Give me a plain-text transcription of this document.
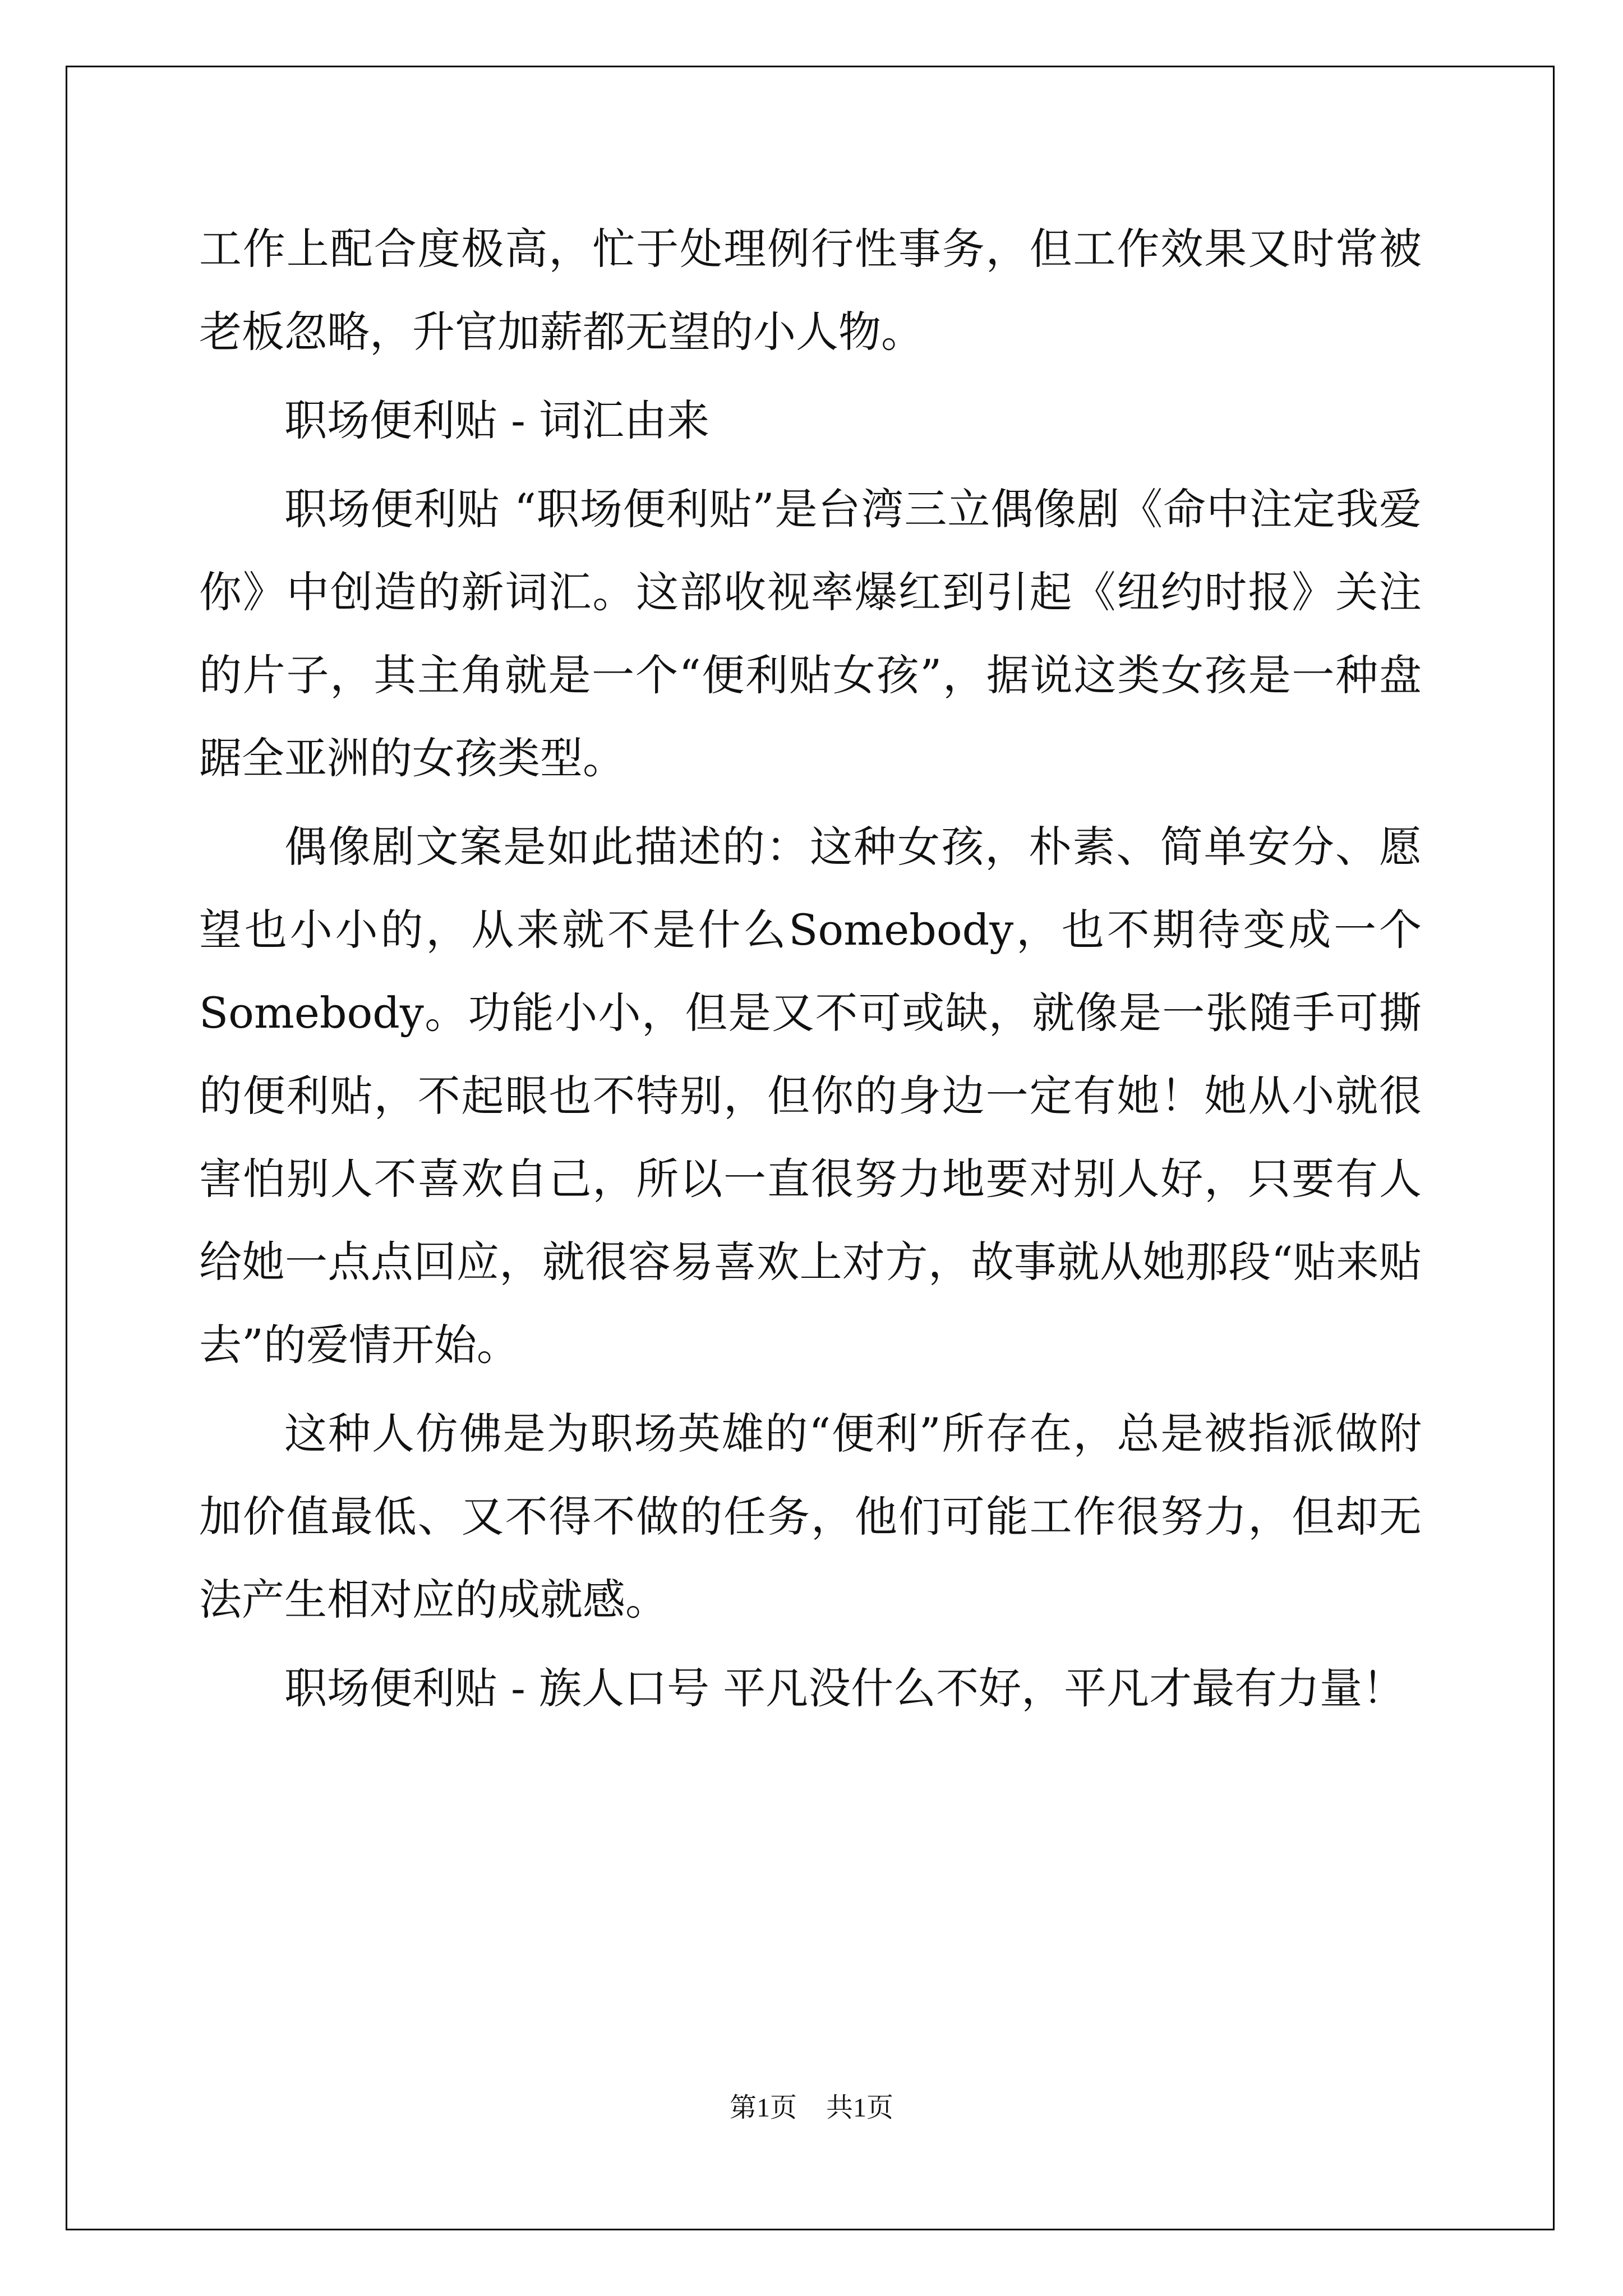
工作上配合度极高，忙于处理例行性事务，但工作效果又时常被老板忽略，升官加薪都无望的小人物。

职场便利贴 - 词汇由来

职场便利贴 “职场便利贴”是台湾三立偶像剧《命中注定我爱你》中创造的新词汇。这部收视率爆红到引起《纽约时报》关注的片子，其主角就是一个“便利贴女孩”，据说这类女孩是一种盘踞全亚洲的女孩类型。

偶像剧文案是如此描述的：这种女孩，朴素、简单安分、愿望也小小的，从来就不是什么Somebody，也不期待变成一个Somebody。功能小小，但是又不可或缺，就像是一张随手可撕的便利贴，不起眼也不特别，但你的身边一定有她！她从小就很害怕别人不喜欢自己，所以一直很努力地要对别人好，只要有人给她一点点回应，就很容易喜欢上对方，故事就从她那段“贴来贴去”的爱情开始。

这种人仿佛是为职场英雄的“便利”所存在，总是被指派做附加价值最低、又不得不做的任务，他们可能工作很努力，但却无法产生相对应的成就感。

职场便利贴 - 族人口号 平凡没什么不好，平凡才最有力量！

第1页 共1页
